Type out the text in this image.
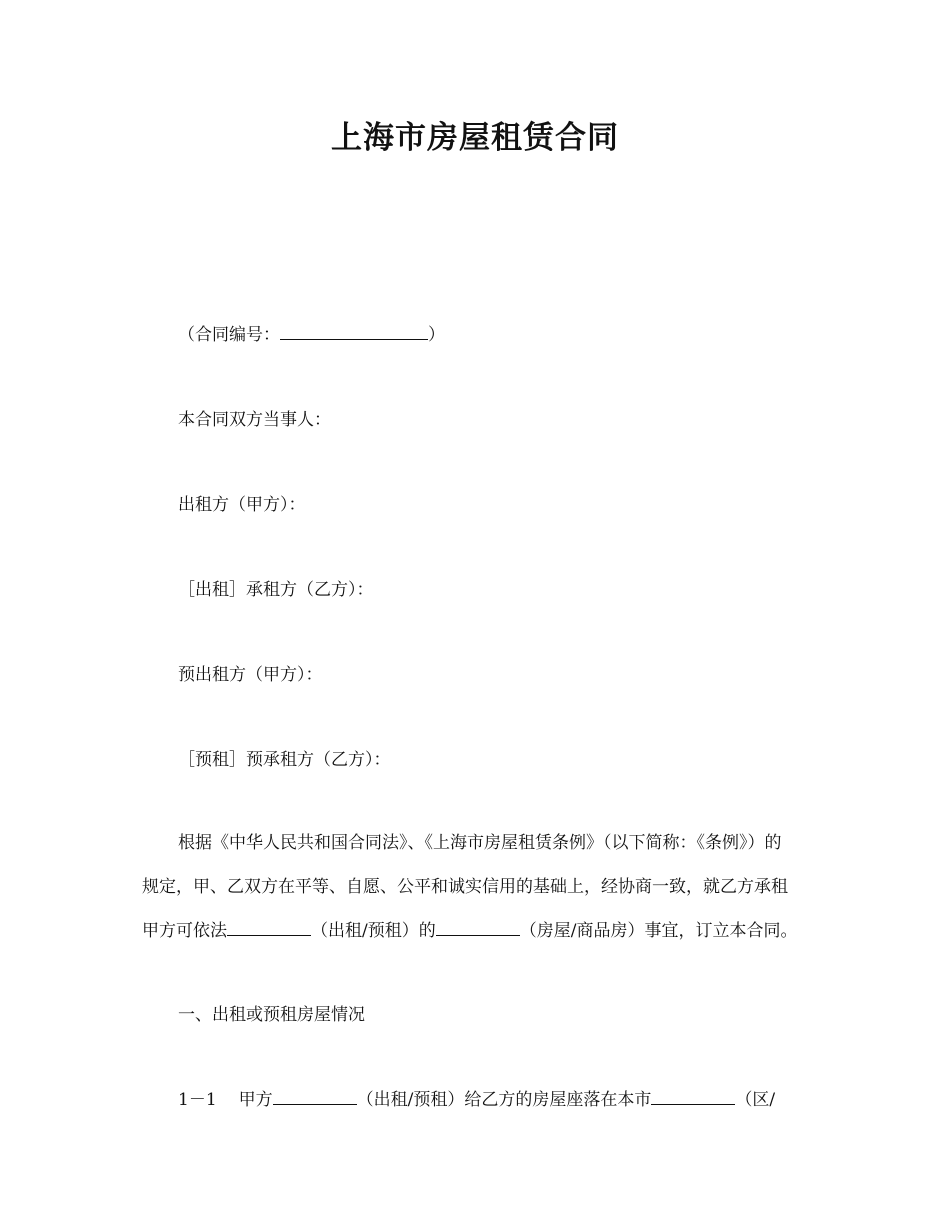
上海市房屋租赁合同
（合同编号：	）
本合同双方当事人：
出租方（甲方）：
［出租］承租方（乙方）：
预出租方（甲方）：
［预租］预承租方（乙方）：
根据《中华人民共和国合同法》、《上海市房屋租赁条例》（以下简称：《条例》）的
规定，甲、乙双方在平等、自愿、公平和诚实信用的基础上，经协商一致，就乙方承租
甲方可依法	（出租/预租）的	（房屋/商品房）事宜，订立本合同。
一、出租或预租房屋情况
1－1 甲方	（出租/预租）给乙方的房屋座落在本市	（区/
